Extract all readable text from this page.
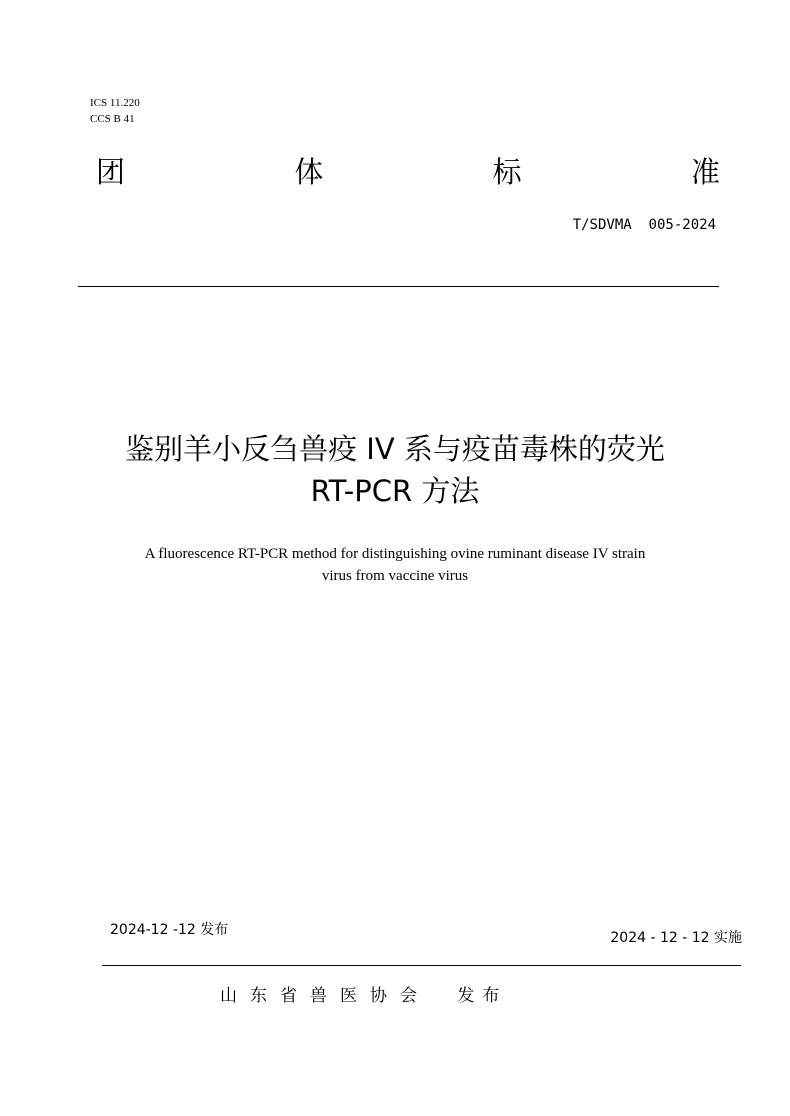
ICS 11.220
CCS B 41
团	体	标	准
T/SDVMA  005-2024
鉴别羊小反刍兽疫 IV 系与疫苗毒株的荧光
RT-PCR 方法
A fluorescence RT-PCR method for distinguishing ovine ruminant disease IV strain
virus from vaccine virus
2024-12 -12 发布	2024 - 12 - 12 实施
山东省兽医协会 发布
